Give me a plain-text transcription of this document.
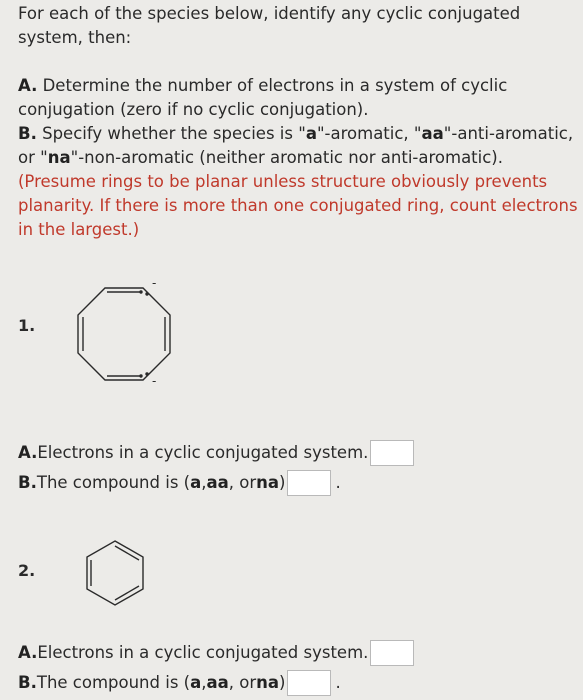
For each of the species below, identify any cyclic conjugated system, then:

A. Determine the number of electrons in a system of cyclic conjugation (zero if no cyclic conjugation).

B. Specify whether the species is "a"-aromatic, "aa"-anti-aromatic, or "na"-non-aromatic (neither aromatic nor anti-aromatic).

(Presume rings to be planar unless structure obviously prevents planarity. If there is more than one conjugated ring, count electrons in the largest.)

1.
-
-
A. Electrons in a cyclic conjugated system.
B. The compound is ( a , aa , or na )	.
2.
A. Electrons in a cyclic conjugated system.
B. The compound is ( a , aa , or na )	.
